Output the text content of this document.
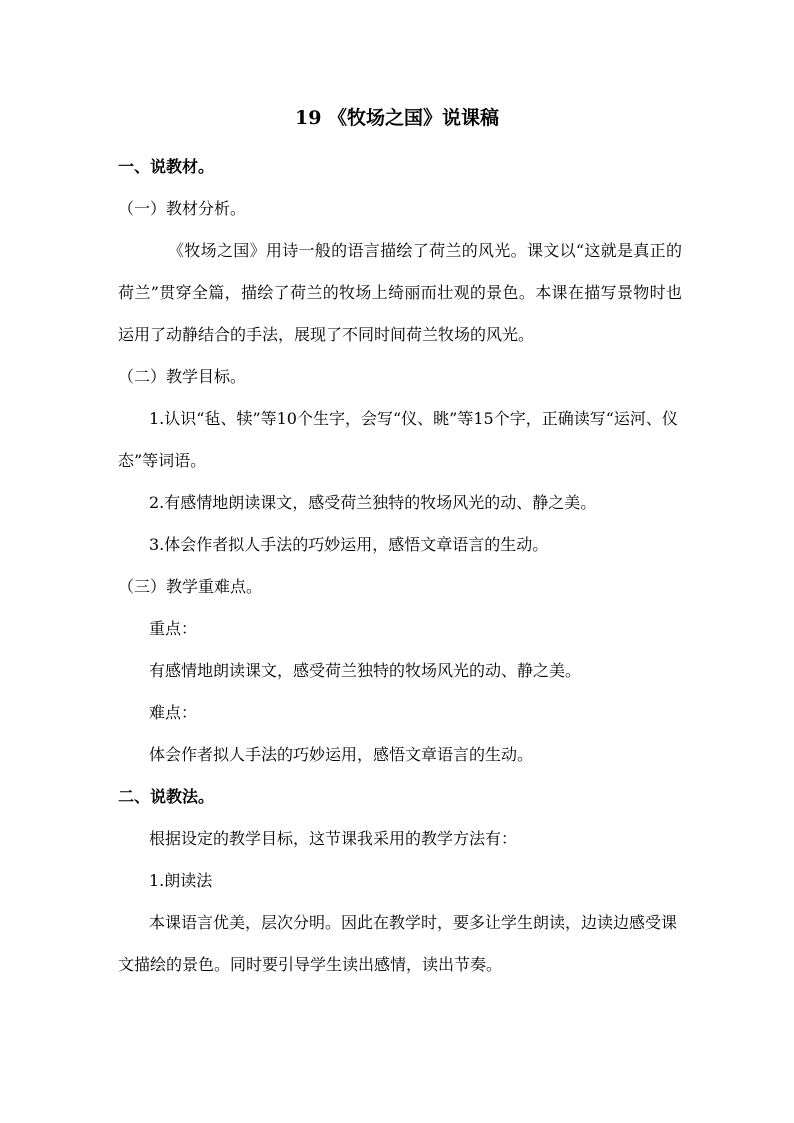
19 《牧场之国》说课稿
一、说教材。
（一）教材分析。

《牧场之国》用诗一般的语言描绘了荷兰的风光。课文以“这就是真正的荷兰”贯穿全篇，描绘了荷兰的牧场上绮丽而壮观的景色。本课在描写景物时也运用了动静结合的手法，展现了不同时间荷兰牧场的风光。

（二）教学目标。

1.认识“毡、犊”等10个生字，会写“仪、眺”等15个字，正确读写“运河、仪态”等词语。

2.有感情地朗读课文，感受荷兰独特的牧场风光的动、静之美。

3.体会作者拟人手法的巧妙运用，感悟文章语言的生动。

（三）教学重难点。
重点：
有感情地朗读课文，感受荷兰独特的牧场风光的动、静之美。
难点：
体会作者拟人手法的巧妙运用，感悟文章语言的生动。
二、说教法。
根据设定的教学目标，这节课我采用的教学方法有：
1.朗读法

本课语言优美，层次分明。因此在教学时，要多让学生朗读，边读边感受课文描绘的景色。同时要引导学生读出感情，读出节奏。
